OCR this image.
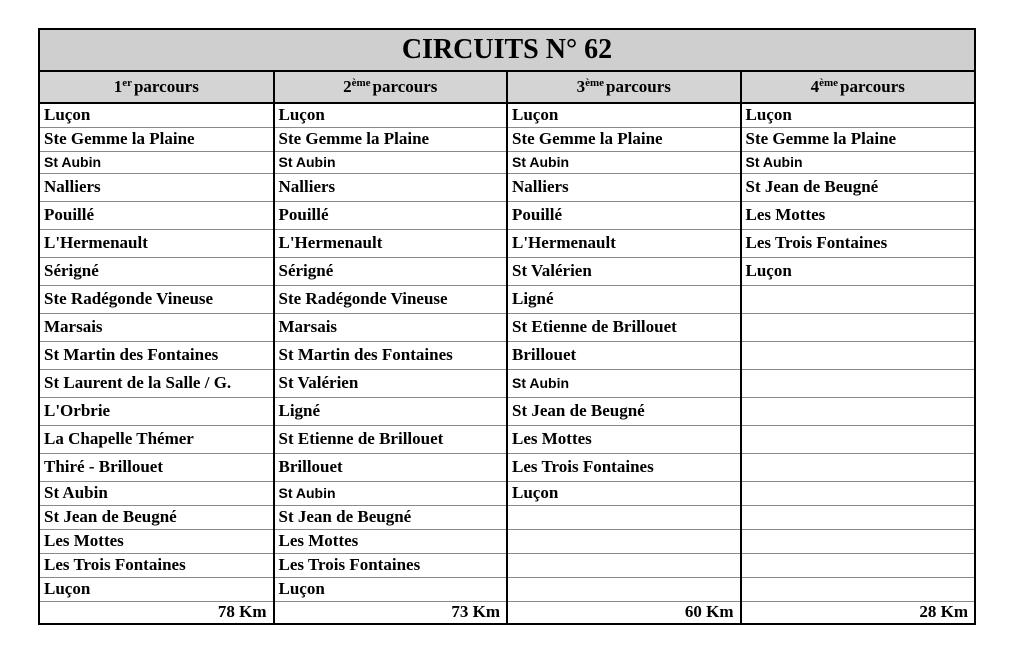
CIRCUITS N° 62
1er parcours	2ème parcours	3ème parcours	4ème parcours
Luçon	Luçon	Luçon	Luçon
Ste Gemme la Plaine	Ste Gemme la Plaine	Ste Gemme la Plaine	Ste Gemme la Plaine
St Aubin	St Aubin	St Aubin	St Aubin
Nalliers	Nalliers	Nalliers	St Jean de Beugné
Pouillé	Pouillé	Pouillé	Les Mottes
L'Hermenault	L'Hermenault	L'Hermenault	Les Trois Fontaines
Sérigné	Sérigné	St Valérien	Luçon
Ste Radégonde Vineuse	Ste Radégonde Vineuse	Ligné	
Marsais	Marsais	St Etienne de Brillouet	
St Martin des Fontaines	St Martin des Fontaines	Brillouet	
St Laurent de la Salle / G.	St Valérien	St Aubin	
L'Orbrie	Ligné	St Jean de Beugné	
La Chapelle Thémer	St Etienne de Brillouet	Les Mottes	
Thiré - Brillouet	Brillouet	Les Trois Fontaines	
St Aubin	St Aubin	Luçon	
St Jean de Beugné	St Jean de Beugné		
Les Mottes	Les Mottes		
Les Trois Fontaines	Les Trois Fontaines		
Luçon	Luçon		
78 Km	73 Km	60 Km	28 Km
